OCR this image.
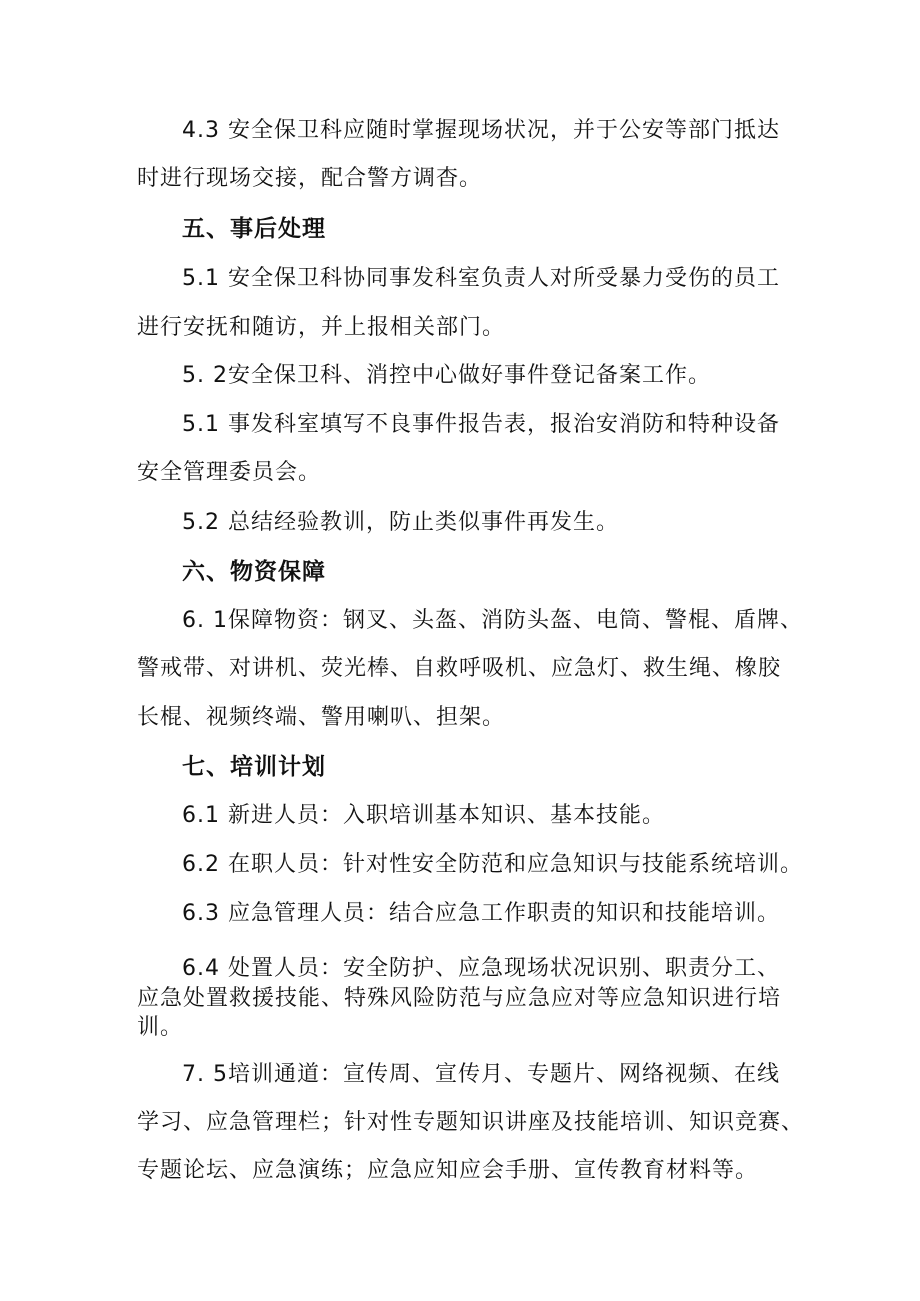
4.3 安全保卫科应随时掌握现场状况，并于公安等部门抵达
时进行现场交接，配合警方调杳。
五、事后处理
5.1 安全保卫科协同事发科室负责人对所受暴力受伤的员工
进行安抚和随访，并上报相关部门。
5. 2安全保卫科、消控中心做好事件登记备案工作。
5.1 事发科室填写不良事件报告表，报治安消防和特种设备
安全管理委员会。
5.2 总结经验教训，防止类似事件再发生。
六、物资保障
6. 1保障物资：钢叉、头盔、消防头盔、电筒、警棍、盾牌、
警戒带、对讲机、荧光棒、自救呼吸机、应急灯、救生绳、橡胶
长棍、视频终端、警用喇叭、担架。
七、培训计划
6.1 新进人员：入职培训基本知识、基本技能。
6.2 在职人员：针对性安全防范和应急知识与技能系统培训。
6.3 应急管理人员：结合应急工作职责的知识和技能培训。
6.4 处置人员：安全防护、应急现场状况识别、职责分工、
应急处置救援技能、特殊风险防范与应急应对等应急知识进行培
训。
7. 5培训通道：宣传周、宣传月、专题片、网络视频、在线
学习、应急管理栏；针对性专题知识讲座及技能培训、知识竞赛、
专题论坛、应急演练；应急应知应会手册、宣传教育材料等。
